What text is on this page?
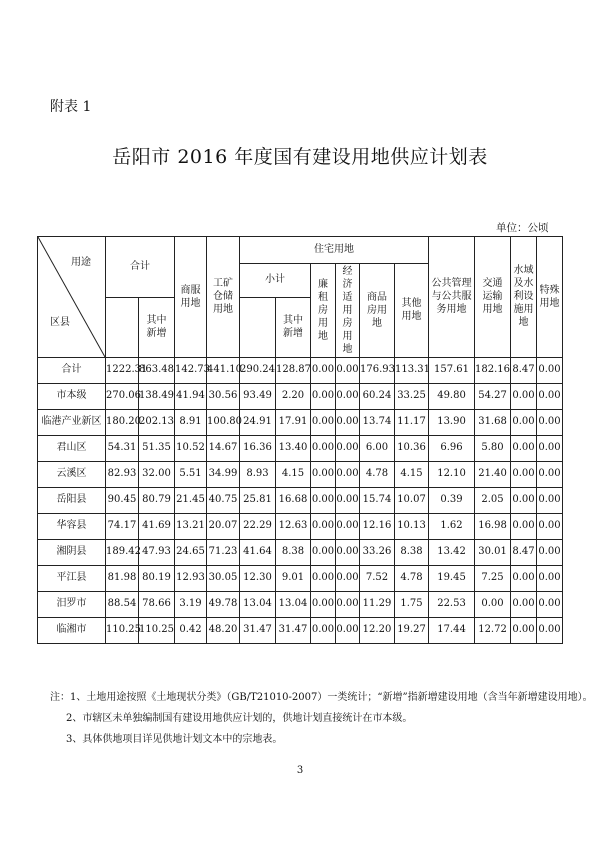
附表 1
岳阳市 2016 年度国有建设用地供应计划表
单位：公顷
用途
区县	合计		商服用地	工矿仓储用地	住宅用地						公共管理与公共服务用地	交通运输用地	水域及水利设施用地	特殊用地
					小计		廉租房用地	经济适用房用地	商品房用地	其他用地				
		其中新增				其中新增								
合计	1222.31	863.48	142.73	441.10	290.24	128.87	0.00	0.00	176.93	113.31	157.61	182.16	8.47	0.00
市本级	270.06	138.49	41.94	30.56	93.49	2.20	0.00	0.00	60.24	33.25	49.80	54.27	0.00	0.00
临港产业新区	180.20	202.13	8.91	100.80	24.91	17.91	0.00	0.00	13.74	11.17	13.90	31.68	0.00	0.00
君山区	54.31	51.35	10.52	14.67	16.36	13.40	0.00	0.00	6.00	10.36	6.96	5.80	0.00	0.00
云溪区	82.93	32.00	5.51	34.99	8.93	4.15	0.00	0.00	4.78	4.15	12.10	21.40	0.00	0.00
岳阳县	90.45	80.79	21.45	40.75	25.81	16.68	0.00	0.00	15.74	10.07	0.39	2.05	0.00	0.00
华容县	74.17	41.69	13.21	20.07	22.29	12.63	0.00	0.00	12.16	10.13	1.62	16.98	0.00	0.00
湘阴县	189.42	47.93	24.65	71.23	41.64	8.38	0.00	0.00	33.26	8.38	13.42	30.01	8.47	0.00
平江县	81.98	80.19	12.93	30.05	12.30	9.01	0.00	0.00	7.52	4.78	19.45	7.25	0.00	0.00
汨罗市	88.54	78.66	3.19	49.78	13.04	13.04	0.00	0.00	11.29	1.75	22.53	0.00	0.00	0.00
临湘市	110.25	110.25	0.42	48.20	31.47	31.47	0.00	0.00	12.20	19.27	17.44	12.72	0.00	0.00
注：1、土地用途按照《土地现状分类》（GB/T21010-2007）一类统计；“新增”指新增建设用地（含当年新增建设用地）。
2、市辖区未单独编制国有建设用地供应计划的，供地计划直接统计在市本级。
3、具体供地项目详见供地计划文本中的宗地表。
3
